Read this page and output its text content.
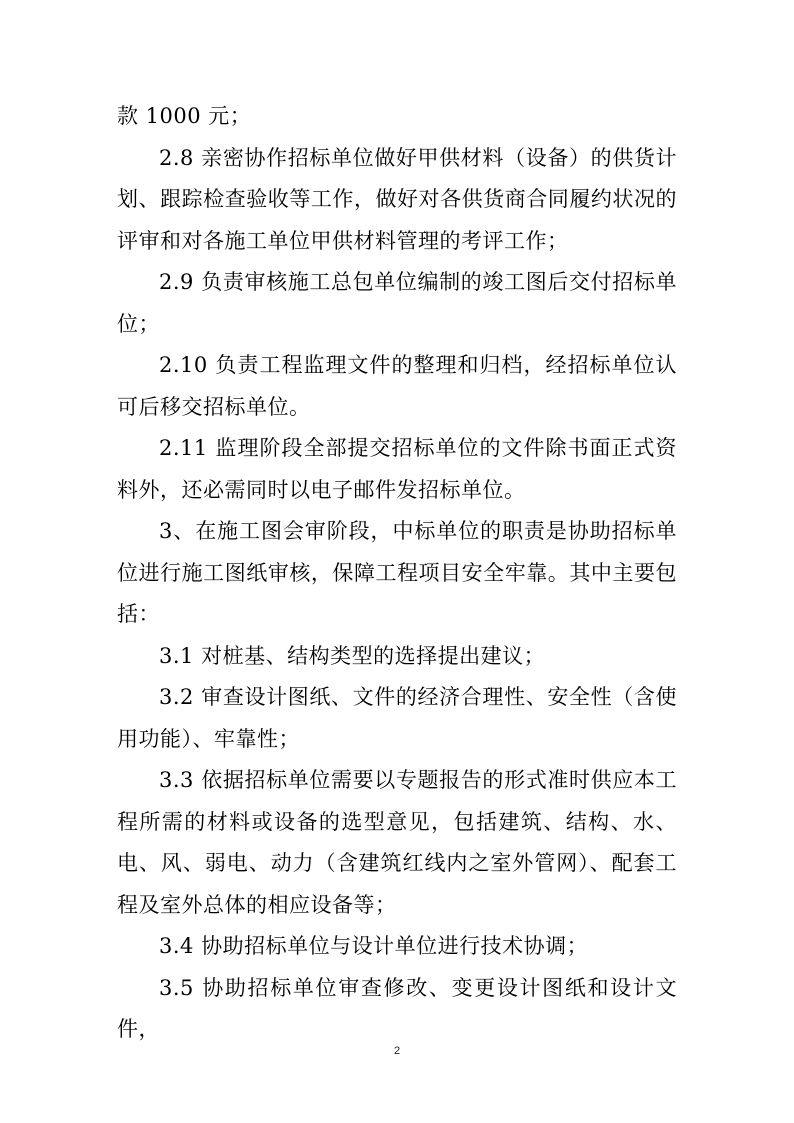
款 1000 元；

2.8 亲密协作招标单位做好甲供材料（设备）的供货计划、跟踪检查验收等工作，做好对各供货商合同履约状况的评审和对各施工单位甲供材料管理的考评工作；

2.9 负责审核施工总包单位编制的竣工图后交付招标单位；

2.10 负责工程监理文件的整理和归档，经招标单位认可后移交招标单位。

2.11 监理阶段全部提交招标单位的文件除书面正式资料外，还必需同时以电子邮件发招标单位。

3、在施工图会审阶段，中标单位的职责是协助招标单位进行施工图纸审核，保障工程项目安全牢靠。其中主要包括：

3.1 对桩基、结构类型的选择提出建议；

3.2 审查设计图纸、文件的经济合理性、安全性（含使用功能）、牢靠性；

3.3 依据招标单位需要以专题报告的形式准时供应本工程所需的材料或设备的选型意见，包括建筑、结构、水、电、风、弱电、动力（含建筑红线内之室外管网）、配套工程及室外总体的相应设备等；

3.4 协助招标单位与设计单位进行技术协调；

3.5 协助招标单位审查修改、变更设计图纸和设计文件，

2
